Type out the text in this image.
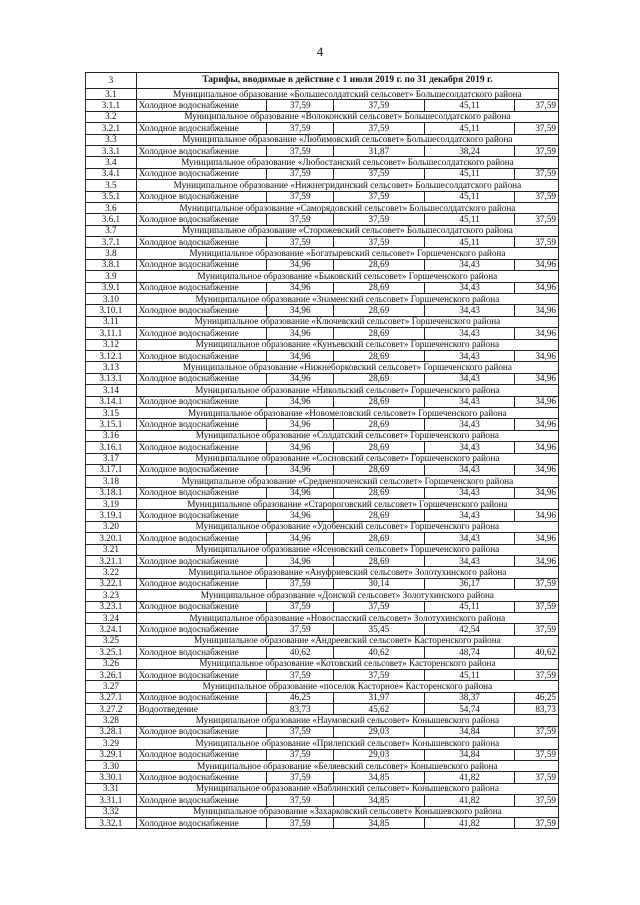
4
3	Тарифы, вводимые в действие с 1 июля 2019 г. по 31 декабря 2019 г.				
3.1	Муниципальное образование «Большесолдатский сельсовет» Большесолдатского района				
3.1.1	Холодное водоснабжение	37,59	37,59	45,11	37,59
3.2	Муниципальное образование «Волоконский сельсовет» Большесолдатского района				
3.2.1	Холодное водоснабжение	37,59	37,59	45,11	37,59
3.3	Муниципальное образование «Любимовский сельсовет» Большесолдатского района				
3.3.1	Холодное водоснабжение	37,59	31,87	38,24	37,59
3.4	Муниципальное образование «Любостанский сельсовет» Большесолдатского района				
3.4.1	Холодное водоснабжение	37,59	37,59	45,11	37,59
3.5	Муниципальное образование «Нижнегридинский сельсовет» Большесолдатского района				
3.5.1	Холодное водоснабжение	37,59	37,59	45,11	37,59
3.6	Муниципальное образование «Саморядовский сельсовет» Большесолдатского района				
3.6.1	Холодное водоснабжение	37,59	37,59	45,11	37,59
3.7	Муниципальное образование «Сторожевский сельсовет» Большесолдатского района				
3.7.1	Холодное водоснабжение	37,59	37,59	45,11	37,59
3.8	Муниципальное образование «Богатыревский сельсовет» Горшеченского района				
3.8.1	Холодное водоснабжение	34,96	28,69	34,43	34,96
3.9	Муниципальное образование «Быковский сельсовет» Горшеченского района				
3.9.1	Холодное водоснабжение	34,96	28,69	34,43	34,96
3.10	Муниципальное образование «Знаменский сельсовет» Горшеченского района				
3.10.1	Холодное водоснабжение	34,96	28,69	34,43	34,96
3.11	Муниципальное образование «Ключевский сельсовет» Горшеченского района				
3.11.1	Холодное водоснабжение	34,96	28,69	34,43	34,96
3.12	Муниципальное образование «Кунъевский сельсовет» Горшеченского района				
3.12.1	Холодное водоснабжение	34,96	28,69	34,43	34,96
3.13	Муниципальное образование «Нижнеборковский сельсовет» Горшеченского района				
3.13.1	Холодное водоснабжение	34,96	28,69	34,43	34,96
3.14	Муниципальное образование «Никольский сельсовет» Горшеченского района				
3.14.1	Холодное водоснабжение	34,96	28,69	34,43	34,96
3.15	Муниципальное образование «Новомеловский сельсовет» Горшеченского района				
3.15.1	Холодное водоснабжение	34,96	28,69	34,43	34,96
3.16	Муниципальное образование «Солдатский сельсовет» Горшеченского района				
3.16.1	Холодное водоснабжение	34,96	28,69	34,43	34,96
3.17	Муниципальное образование «Сосновский сельсовет» Горшеченского района				
3.17.1	Холодное водоснабжение	34,96	28,69	34,43	34,96
3.18	Муниципальное образование «Средненпоченский сельсовет» Горшеченского района				
3.18.1	Холодное водоснабжение	34,96	28,69	34,43	34,96
3.19	Муниципальное образование «Старороговский сельсовет» Горшеченского района				
3.19.1	Холодное водоснабжение	34,96	28,69	34,43	34,96
3.20	Муниципальное образование «Удобенский сельсовет» Горшеченского района				
3.20.1	Холодное водоснабжение	34,96	28,69	34,43	34,96
3.21	Муниципальное образование «Ясеновский сельсовет» Горшеченского района				
3.21.1	Холодное водоснабжение	34,96	28,69	34,43	34,96
3.22	Муниципальное образование «Ануфриевский сельсовет» Золотухинского района				
3.22.1	Холодное водоснабжение	37,59	30,14	36,17	37,59
3.23	Муниципальное образование «Донской сельсовет» Золотухинского района				
3.23.1	Холодное водоснабжение	37,59	37,59	45,11	37,59
3.24	Муниципальное образование «Новоспасский сельсовет» Золотухинского района				
3.24.1	Холодное водоснабжение	37,59	35,45	42,54	37,59
3.25	Муниципальное образование «Андреевский сельсовет» Касторенского района				
3.25.1	Холодное водоснабжение	40,62	40,62	48,74	40,62
3.26	Муниципальное образование «Котовский сельсовет» Касторенского района				
3.26.1	Холодное водоснабжение	37,59	37,59	45,11	37,59
3.27	Муниципальное образование «поселок Касторное» Касторенского района				
3.27.1	Холодное водоснабжение	46,25	31,97	38,37	46,25
3.27.2	Водоотведение	83,73	45,62	54,74	83,73
3.28	Муниципальное образование «Наумовский сельсовет» Конышевского района				
3.28.1	Холодное водоснабжение	37,59	29,03	34,84	37,59
3.29	Муниципальное образование «Прилепский сельсовет» Конышевского района				
3.29.1	Холодное водоснабжение	37,59	29,03	34,84	37,59
3.30	Муниципальное образование «Беляевский сельсовет» Конышевского района				
3.30.1	Холодное водоснабжение	37,59	34,85	41,82	37,59
3.31	Муниципальное образование «Ваблинский сельсовет» Конышевского района				
3.31.1	Холодное водоснабжение	37,59	34,85	41,82	37,59
3.32	Муниципальное образование «Захарковский сельсовет» Конышевского района				
3.32.1	Холодное водоснабжение	37,59	34,85	41,82	37,59
